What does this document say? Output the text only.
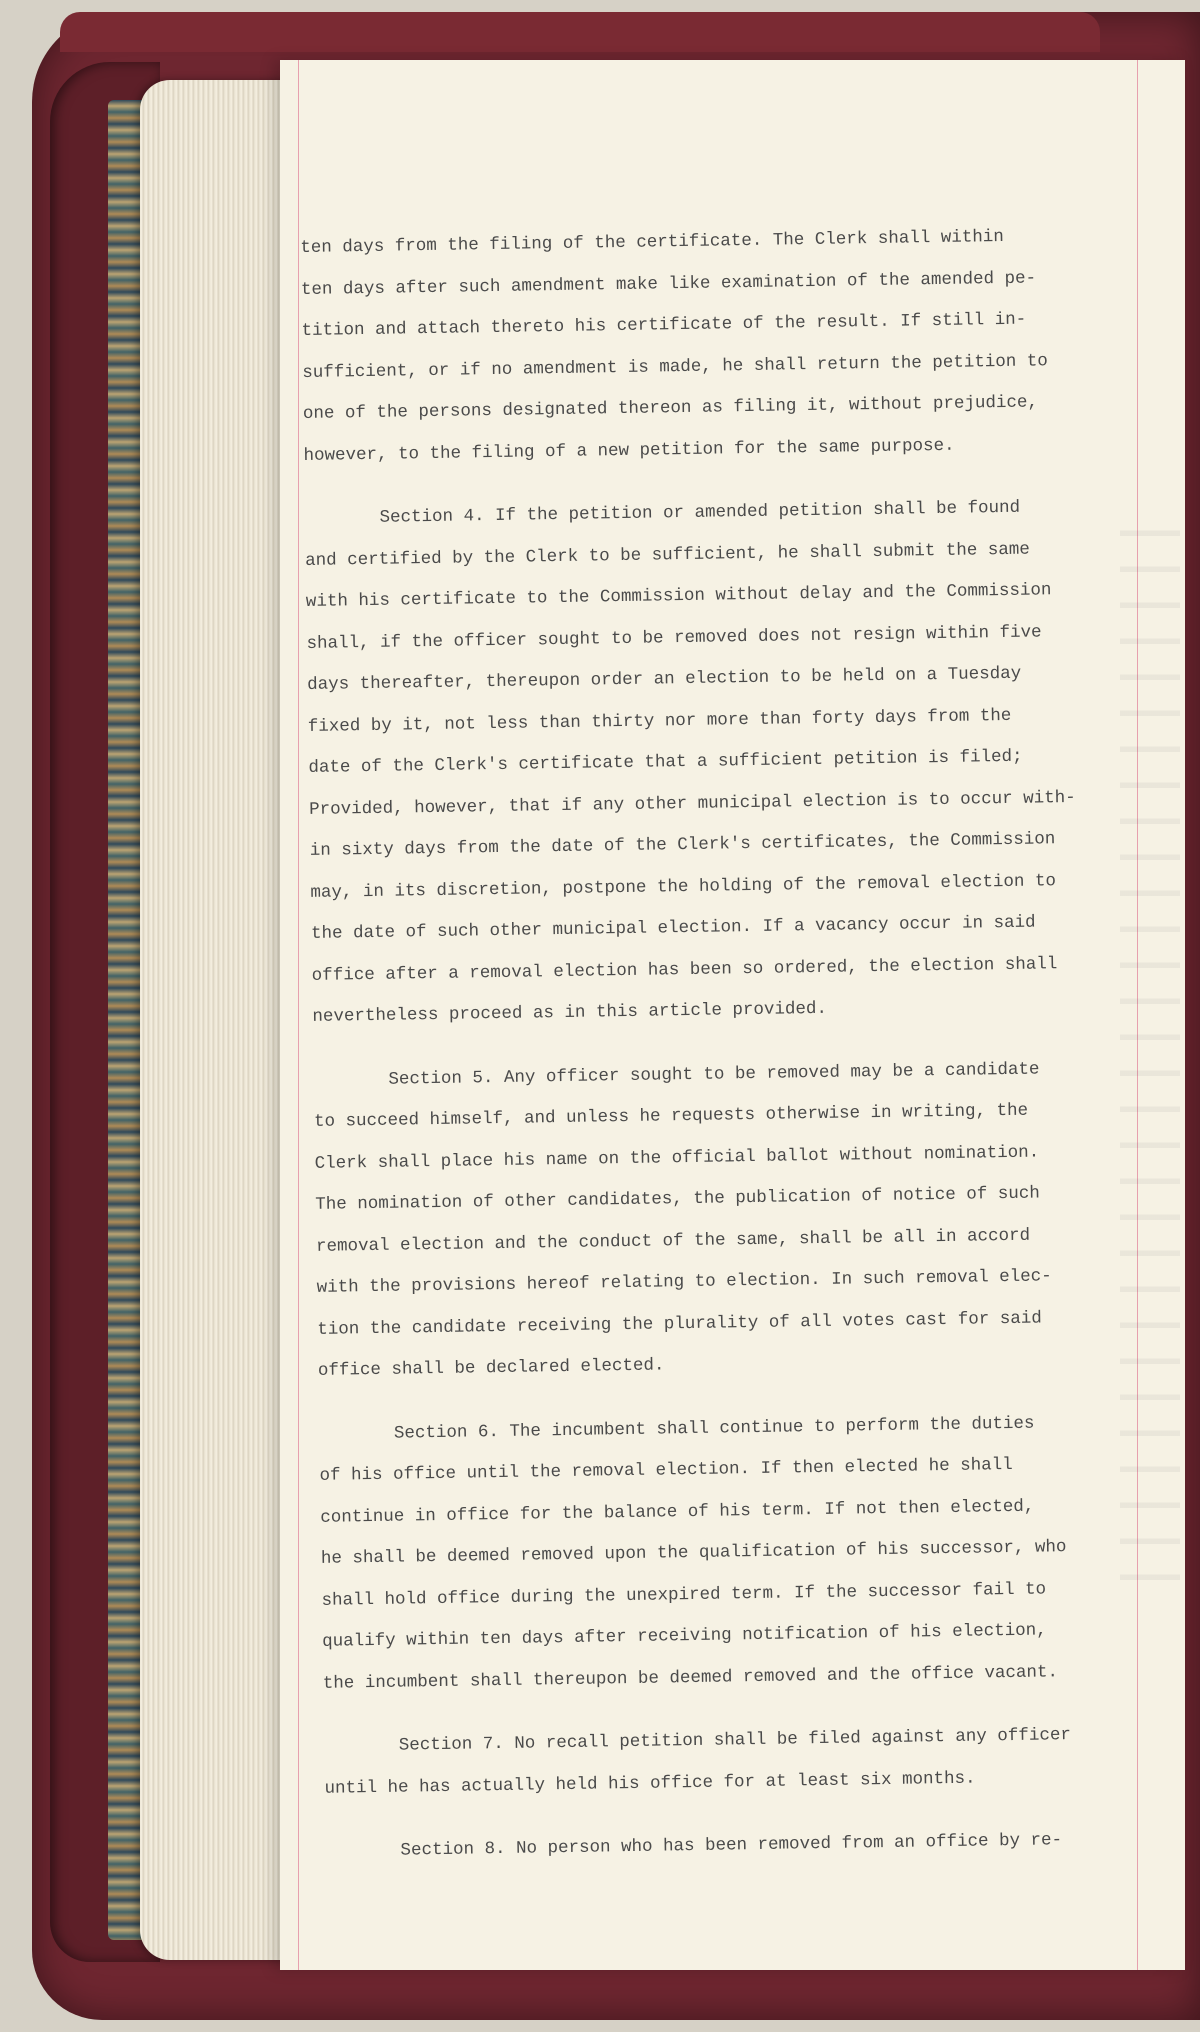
ten days from the filing of the certificate. The Clerk shall within
ten days after such amendment make like examination of the amended pe-
tition and attach thereto his certificate of the result. If still in-
sufficient, or if no amendment is made, he shall return the petition to
one of the persons designated thereon as filing it, without prejudice,
however, to the filing of a new petition for the same purpose.
Section 4. If the petition or amended petition shall be found
and certified by the Clerk to be sufficient, he shall submit the same
with his certificate to the Commission without delay and the Commission
shall, if the officer sought to be removed does not resign within five
days thereafter, thereupon order an election to be held on a Tuesday
fixed by it, not less than thirty nor more than forty days from the
date of the Clerk's certificate that a sufficient petition is filed;
Provided, however, that if any other municipal election is to occur with-
in sixty days from the date of the Clerk's certificates, the Commission
may, in its discretion, postpone the holding of the removal election to
the date of such other municipal election. If a vacancy occur in said
office after a removal election has been so ordered, the election shall
nevertheless proceed as in this article provided.
Section 5. Any officer sought to be removed may be a candidate
to succeed himself, and unless he requests otherwise in writing, the
Clerk shall place his name on the official ballot without nomination.
The nomination of other candidates, the publication of notice of such
removal election and the conduct of the same, shall be all in accord
with the provisions hereof relating to election. In such removal elec-
tion the candidate receiving the plurality of all votes cast for said
office shall be declared elected.
Section 6. The incumbent shall continue to perform the duties
of his office until the removal election. If then elected he shall
continue in office for the balance of his term. If not then elected,
he shall be deemed removed upon the qualification of his successor, who
shall hold office during the unexpired term. If the successor fail to
qualify within ten days after receiving notification of his election,
the incumbent shall thereupon be deemed removed and the office vacant.
Section 7. No recall petition shall be filed against any officer
until he has actually held his office for at least six months.
Section 8. No person who has been removed from an office by re-
